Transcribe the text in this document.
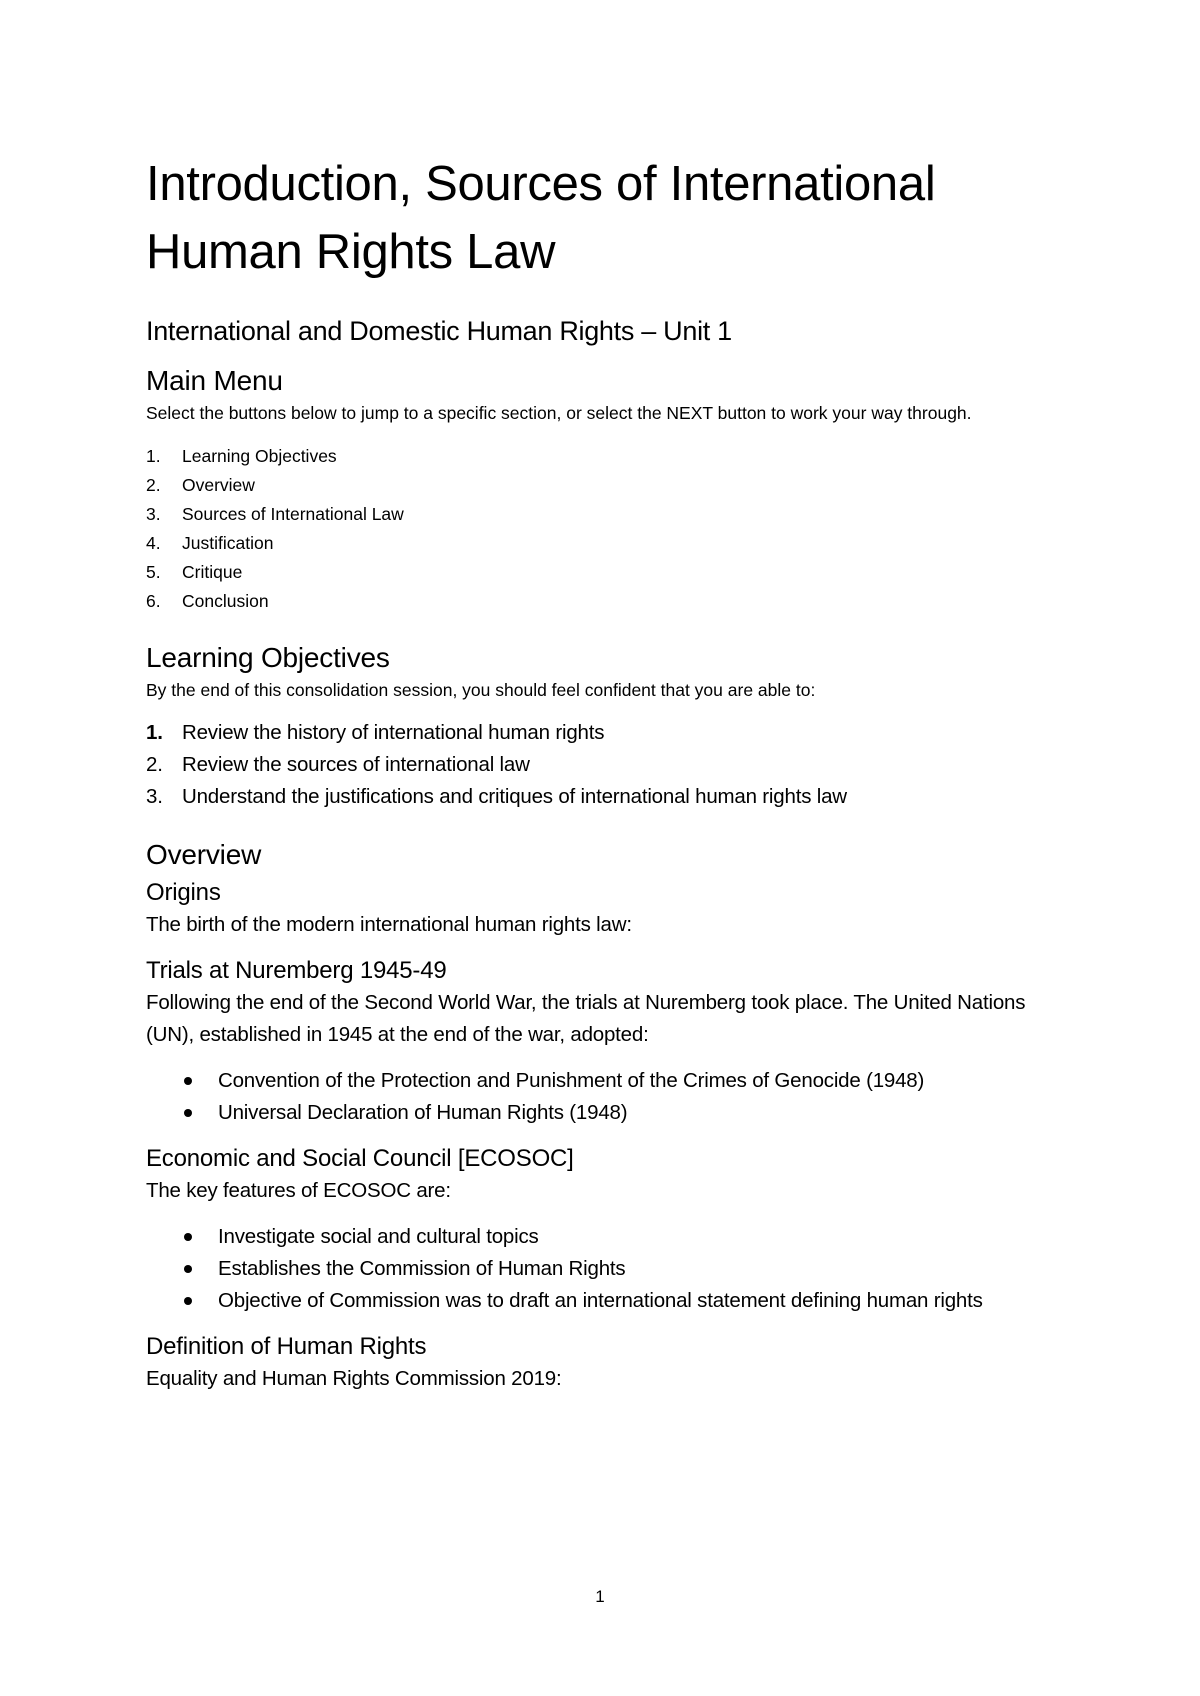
Introduction, Sources of International Human Rights Law
International and Domestic Human Rights – Unit 1
Main Menu

Select the buttons below to jump to a specific section, or select the NEXT button to work your way through.

1. Learning Objectives
2. Overview
3. Sources of International Law
4. Justification
5. Critique
6. Conclusion
Learning Objectives

By the end of this consolidation session, you should feel confident that you are able to:

1. Review the history of international human rights
2. Review the sources of international law
3. Understand the justifications and critiques of international human rights law
Overview
Origins

The birth of the modern international human rights law:

Trials at Nuremberg 1945-49

Following the end of the Second World War, the trials at Nuremberg took place. The United Nations (UN), established in 1945 at the end of the war, adopted:

Convention of the Protection and Punishment of the Crimes of Genocide (1948)
Universal Declaration of Human Rights (1948)
Economic and Social Council [ECOSOC]

The key features of ECOSOC are:

Investigate social and cultural topics
Establishes the Commission of Human Rights
Objective of Commission was to draft an international statement defining human rights
Definition of Human Rights

Equality and Human Rights Commission 2019:

1
